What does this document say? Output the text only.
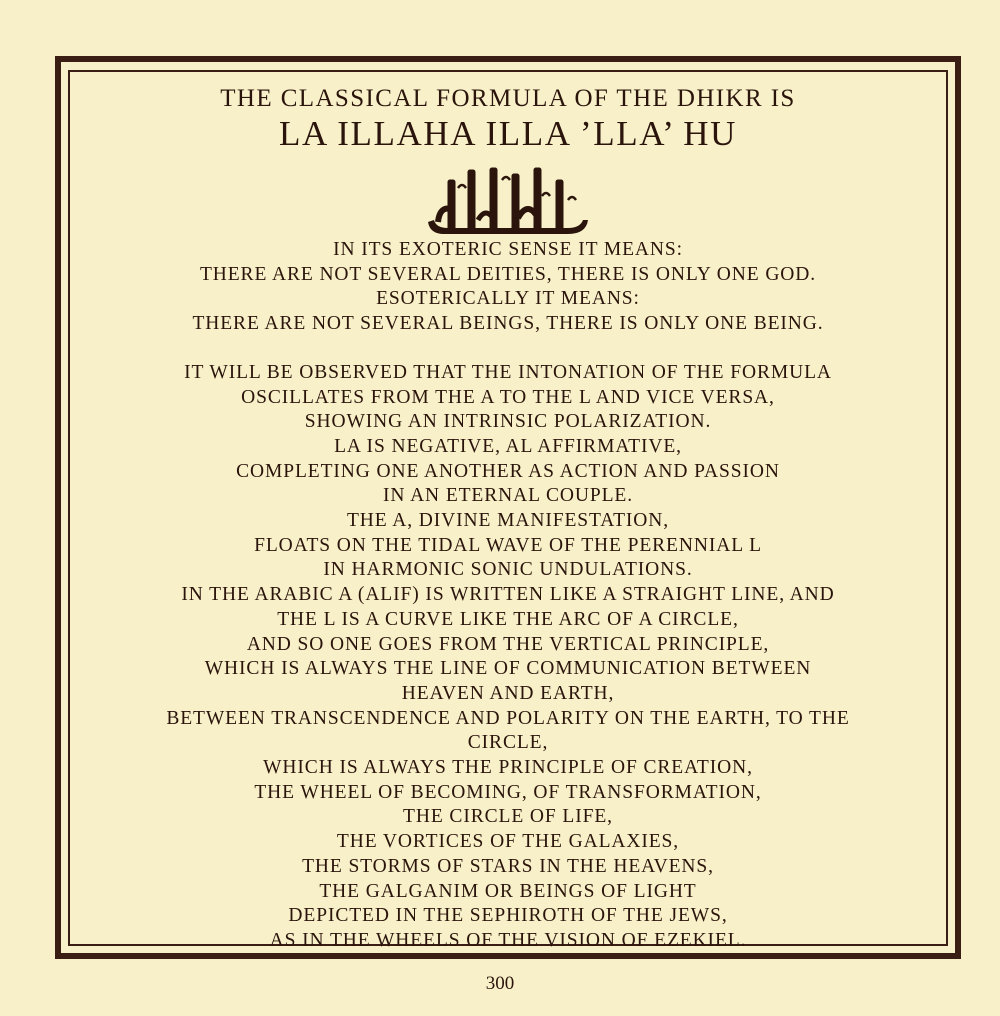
THE CLASSICAL FORMULA OF THE DHIKR IS
LA ILLAHA ILLA ’LLA’ HU
IN ITS EXOTERIC SENSE IT MEANS:
THERE ARE NOT SEVERAL DEITIES, THERE IS ONLY ONE GOD.
ESOTERICALLY IT MEANS:
THERE ARE NOT SEVERAL BEINGS, THERE IS ONLY ONE BEING.
IT WILL BE OBSERVED THAT THE INTONATION OF THE FORMULA
OSCILLATES FROM THE A TO THE L AND VICE VERSA,
SHOWING AN INTRINSIC POLARIZATION.
LA IS NEGATIVE, AL AFFIRMATIVE,
COMPLETING ONE ANOTHER AS ACTION AND PASSION
IN AN ETERNAL COUPLE.
THE A, DIVINE MANIFESTATION,
FLOATS ON THE TIDAL WAVE OF THE PERENNIAL L
IN HARMONIC SONIC UNDULATIONS.
IN THE ARABIC A (ALIF) IS WRITTEN LIKE A STRAIGHT LINE, AND
THE L IS A CURVE LIKE THE ARC OF A CIRCLE,
AND SO ONE GOES FROM THE VERTICAL PRINCIPLE,
WHICH IS ALWAYS THE LINE OF COMMUNICATION BETWEEN
HEAVEN AND EARTH,
BETWEEN TRANSCENDENCE AND POLARITY ON THE EARTH, TO THE
CIRCLE,
WHICH IS ALWAYS THE PRINCIPLE OF CREATION,
THE WHEEL OF BECOMING, OF TRANSFORMATION,
THE CIRCLE OF LIFE,
THE VORTICES OF THE GALAXIES,
THE STORMS OF STARS IN THE HEAVENS,
THE GALGANIM OR BEINGS OF LIGHT
DEPICTED IN THE SEPHIROTH OF THE JEWS,
AS IN THE WHEELS OF THE VISION OF EZEKIEL.
300
